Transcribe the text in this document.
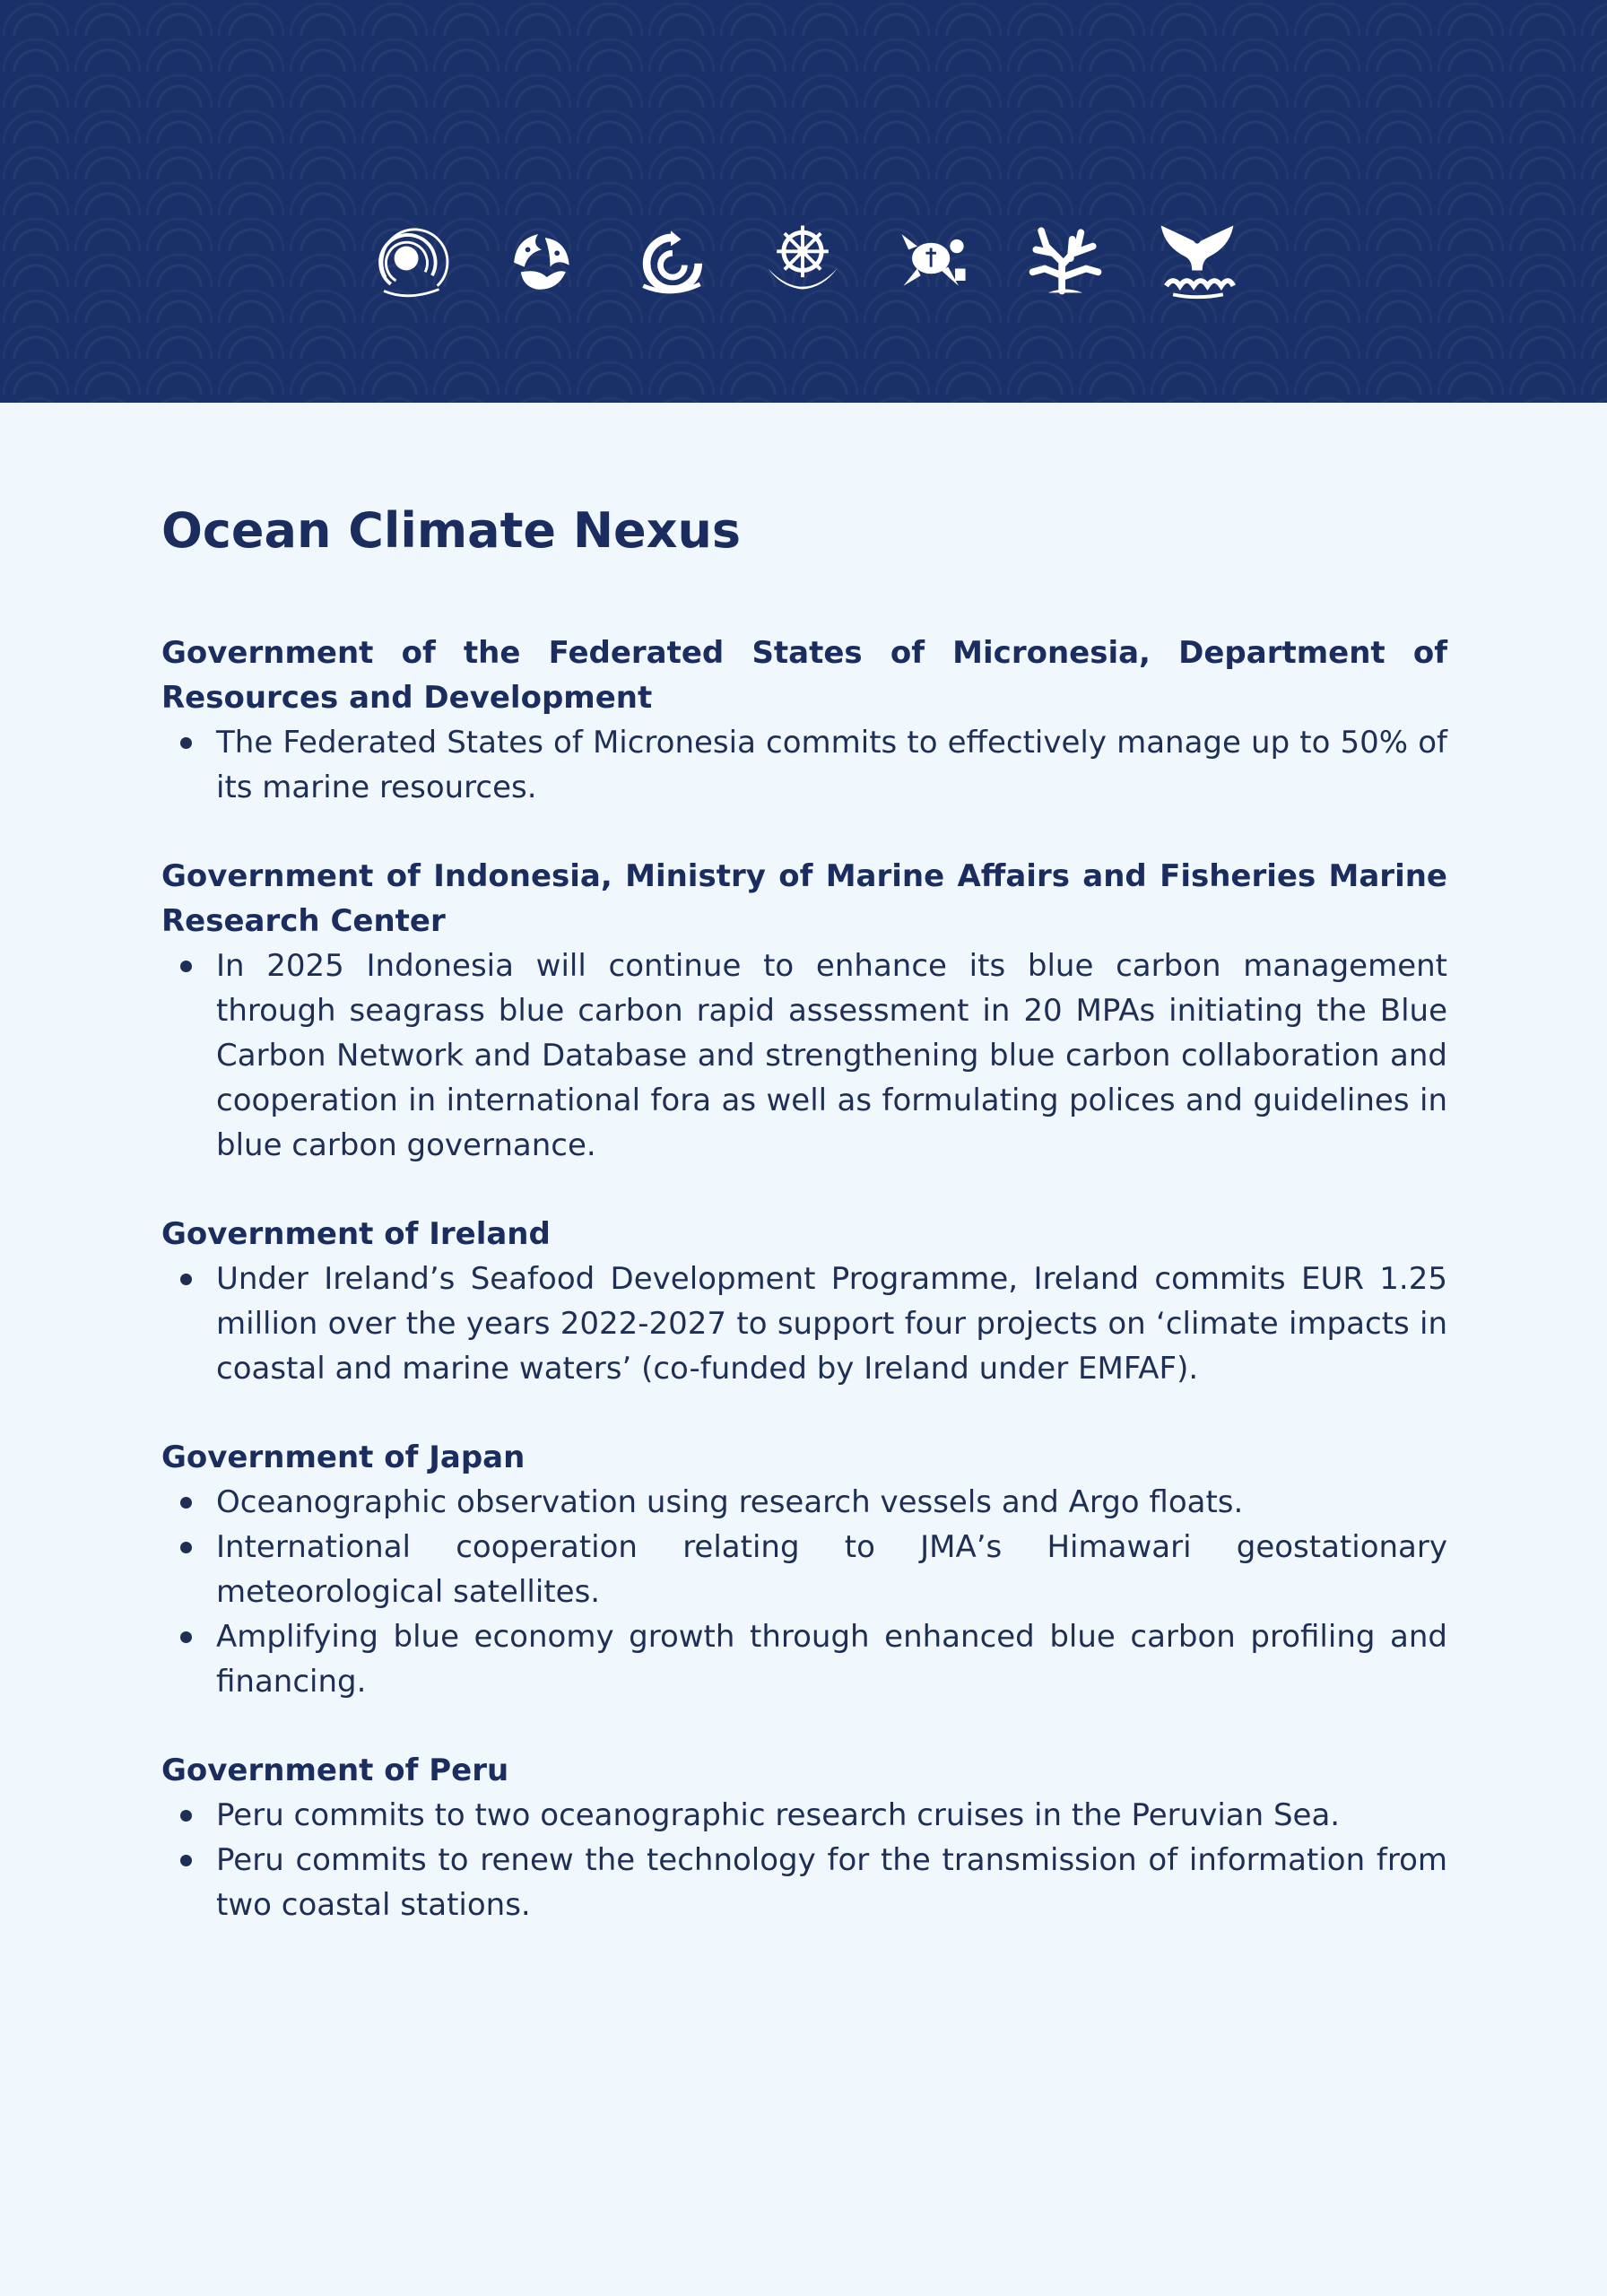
Ocean Climate Nexus

Government of the Federated States of Micronesia, Department of Resources and Development

The Federated States of Micronesia commits to effectively manage up to 50% of its marine resources.

Government of Indonesia, Ministry of Marine Affairs and Fisheries Marine Research Center

In 2025 Indonesia will continue to enhance its blue carbon management through seagrass blue carbon rapid assessment in 20 MPAs initiating the Blue Carbon Network and Database and strengthening blue carbon collaboration and cooperation in international fora as well as formulating polices and guidelines in blue carbon governance.

Government of Ireland

Under Ireland’s Seafood Development Programme, Ireland commits EUR 1.25 million over the years 2022-2027 to support four projects on ‘climate impacts in coastal and marine waters’ (co-funded by Ireland under EMFAF).

Government of Japan

Oceanographic observation using research vessels and Argo floats.
International cooperation relating to JMA’s Himawari geostationary meteorological satellites.
Amplifying blue economy growth through enhanced blue carbon profiling and financing.

Government of Peru

Peru commits to two oceanographic research cruises in the Peruvian Sea.
Peru commits to renew the technology for the transmission of information from two coastal stations.
